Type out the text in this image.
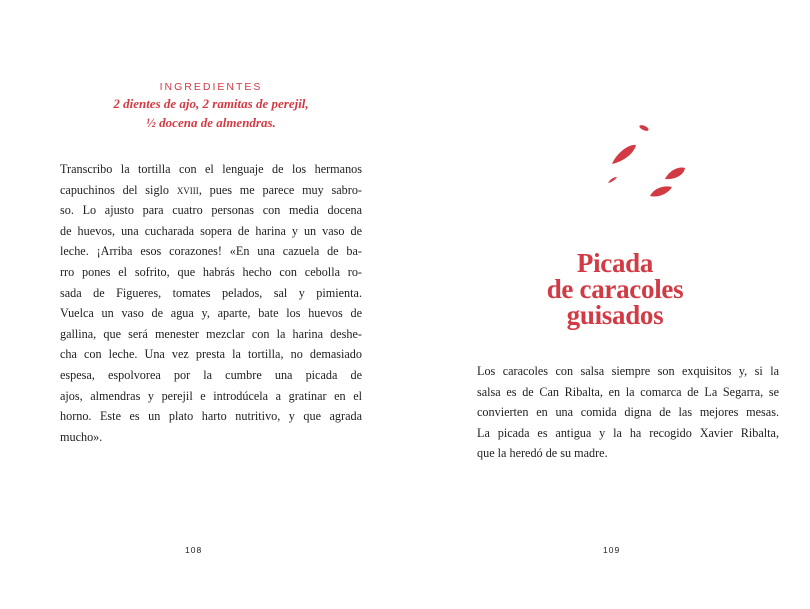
INGREDIENTES
2 dientes de ajo, 2 ramitas de perejil,
½ docena de almendras.
Transcribo la tortilla con el lenguaje de los hermanos
capuchinos del siglo xviii, pues me parece muy sabro-
so. Lo ajusto para cuatro personas con media docena
de huevos, una cucharada sopera de harina y un vaso de
leche. ¡Arriba esos corazones! «En una cazuela de ba-
rro pones el sofrito, que habrás hecho con cebolla ro-
sada de Figueres, tomates pelados, sal y pimienta.
Vuelca un vaso de agua y, aparte, bate los huevos de
gallina, que será menester mezclar con la harina deshe-
cha con leche. Una vez presta la tortilla, no demasiado
espesa, espolvorea por la cumbre una picada de
ajos, almendras y perejil e introdúcela a gratinar en el
horno. Este es un plato harto nutritivo, y que agrada
mucho».
108
Picada
de caracoles
guisados
Los caracoles con salsa siempre son exquisitos y, si la
salsa es de Can Ribalta, en la comarca de La Segarra, se
convierten en una comida digna de las mejores mesas.
La picada es antigua y la ha recogido Xavier Ribalta,
que la heredó de su madre.
109
